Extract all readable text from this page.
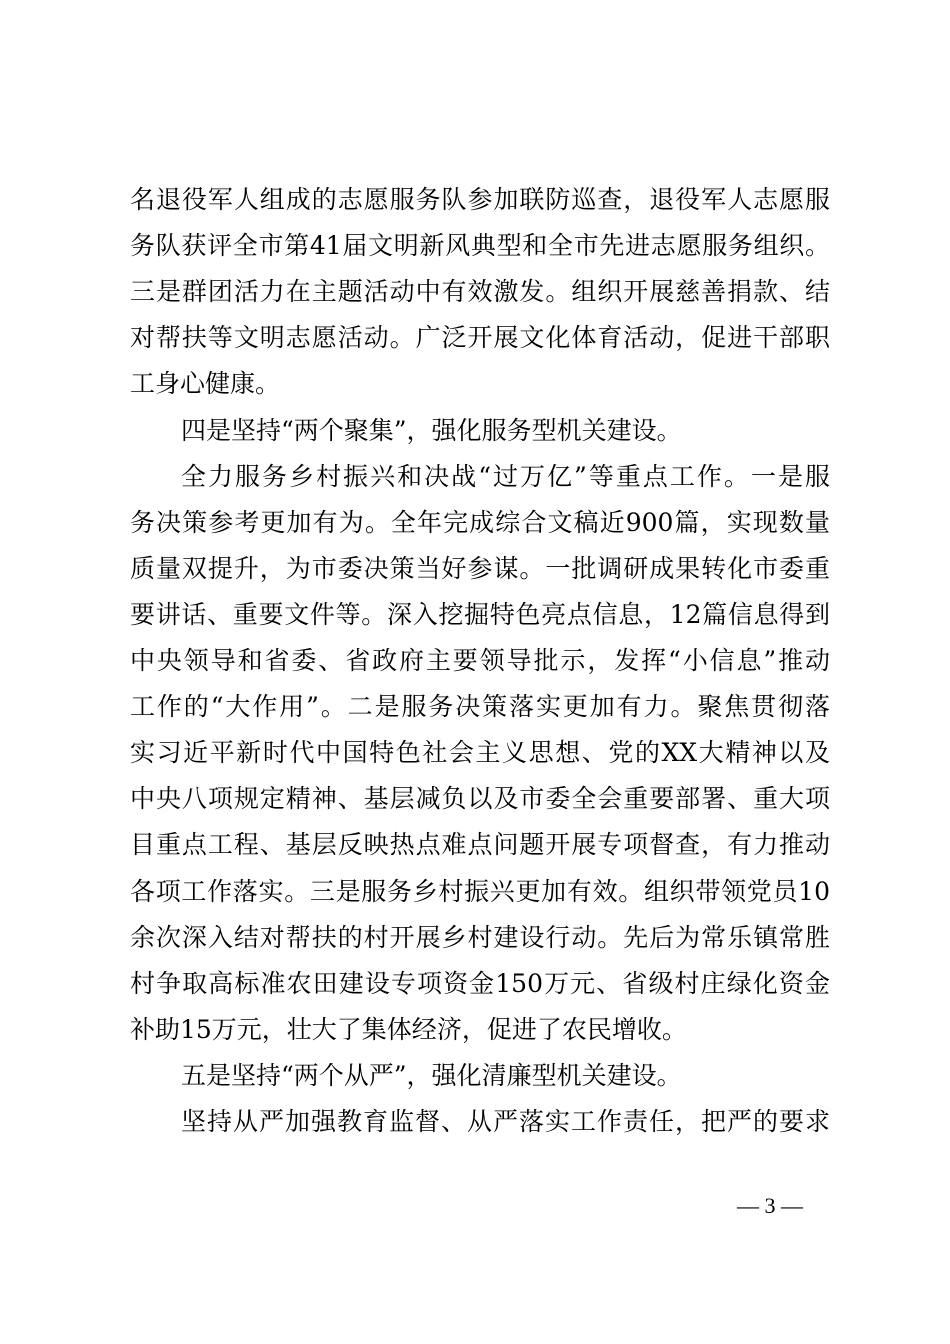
名退役军人组成的志愿服务队参加联防巡查，退役军人志愿服
务队获评全市第41届文明新风典型和全市先进志愿服务组织。
三是群团活力在主题活动中有效激发。组织开展慈善捐款、结
对帮扶等文明志愿活动。广泛开展文化体育活动，促进干部职
工身心健康。
四是坚持“两个聚集”，强化服务型机关建设。
全力服务乡村振兴和决战“过万亿”等重点工作。一是服
务决策参考更加有为。全年完成综合文稿近900篇，实现数量
质量双提升，为市委决策当好参谋。一批调研成果转化市委重
要讲话、重要文件等。深入挖掘特色亮点信息，12篇信息得到
中央领导和省委、省政府主要领导批示，发挥“小信息”推动
工作的“大作用”。二是服务决策落实更加有力。聚焦贯彻落
实习近平新时代中国特色社会主义思想、党的XX大精神以及
中央八项规定精神、基层减负以及市委全会重要部署、重大项
目重点工程、基层反映热点难点问题开展专项督查，有力推动
各项工作落实。三是服务乡村振兴更加有效。组织带领党员10
余次深入结对帮扶的村开展乡村建设行动。先后为常乐镇常胜
村争取高标准农田建设专项资金150万元、省级村庄绿化资金
补助15万元，壮大了集体经济，促进了农民增收。
五是坚持“两个从严”，强化清廉型机关建设。
坚持从严加强教育监督、从严落实工作责任，把严的要求
— 3 —
